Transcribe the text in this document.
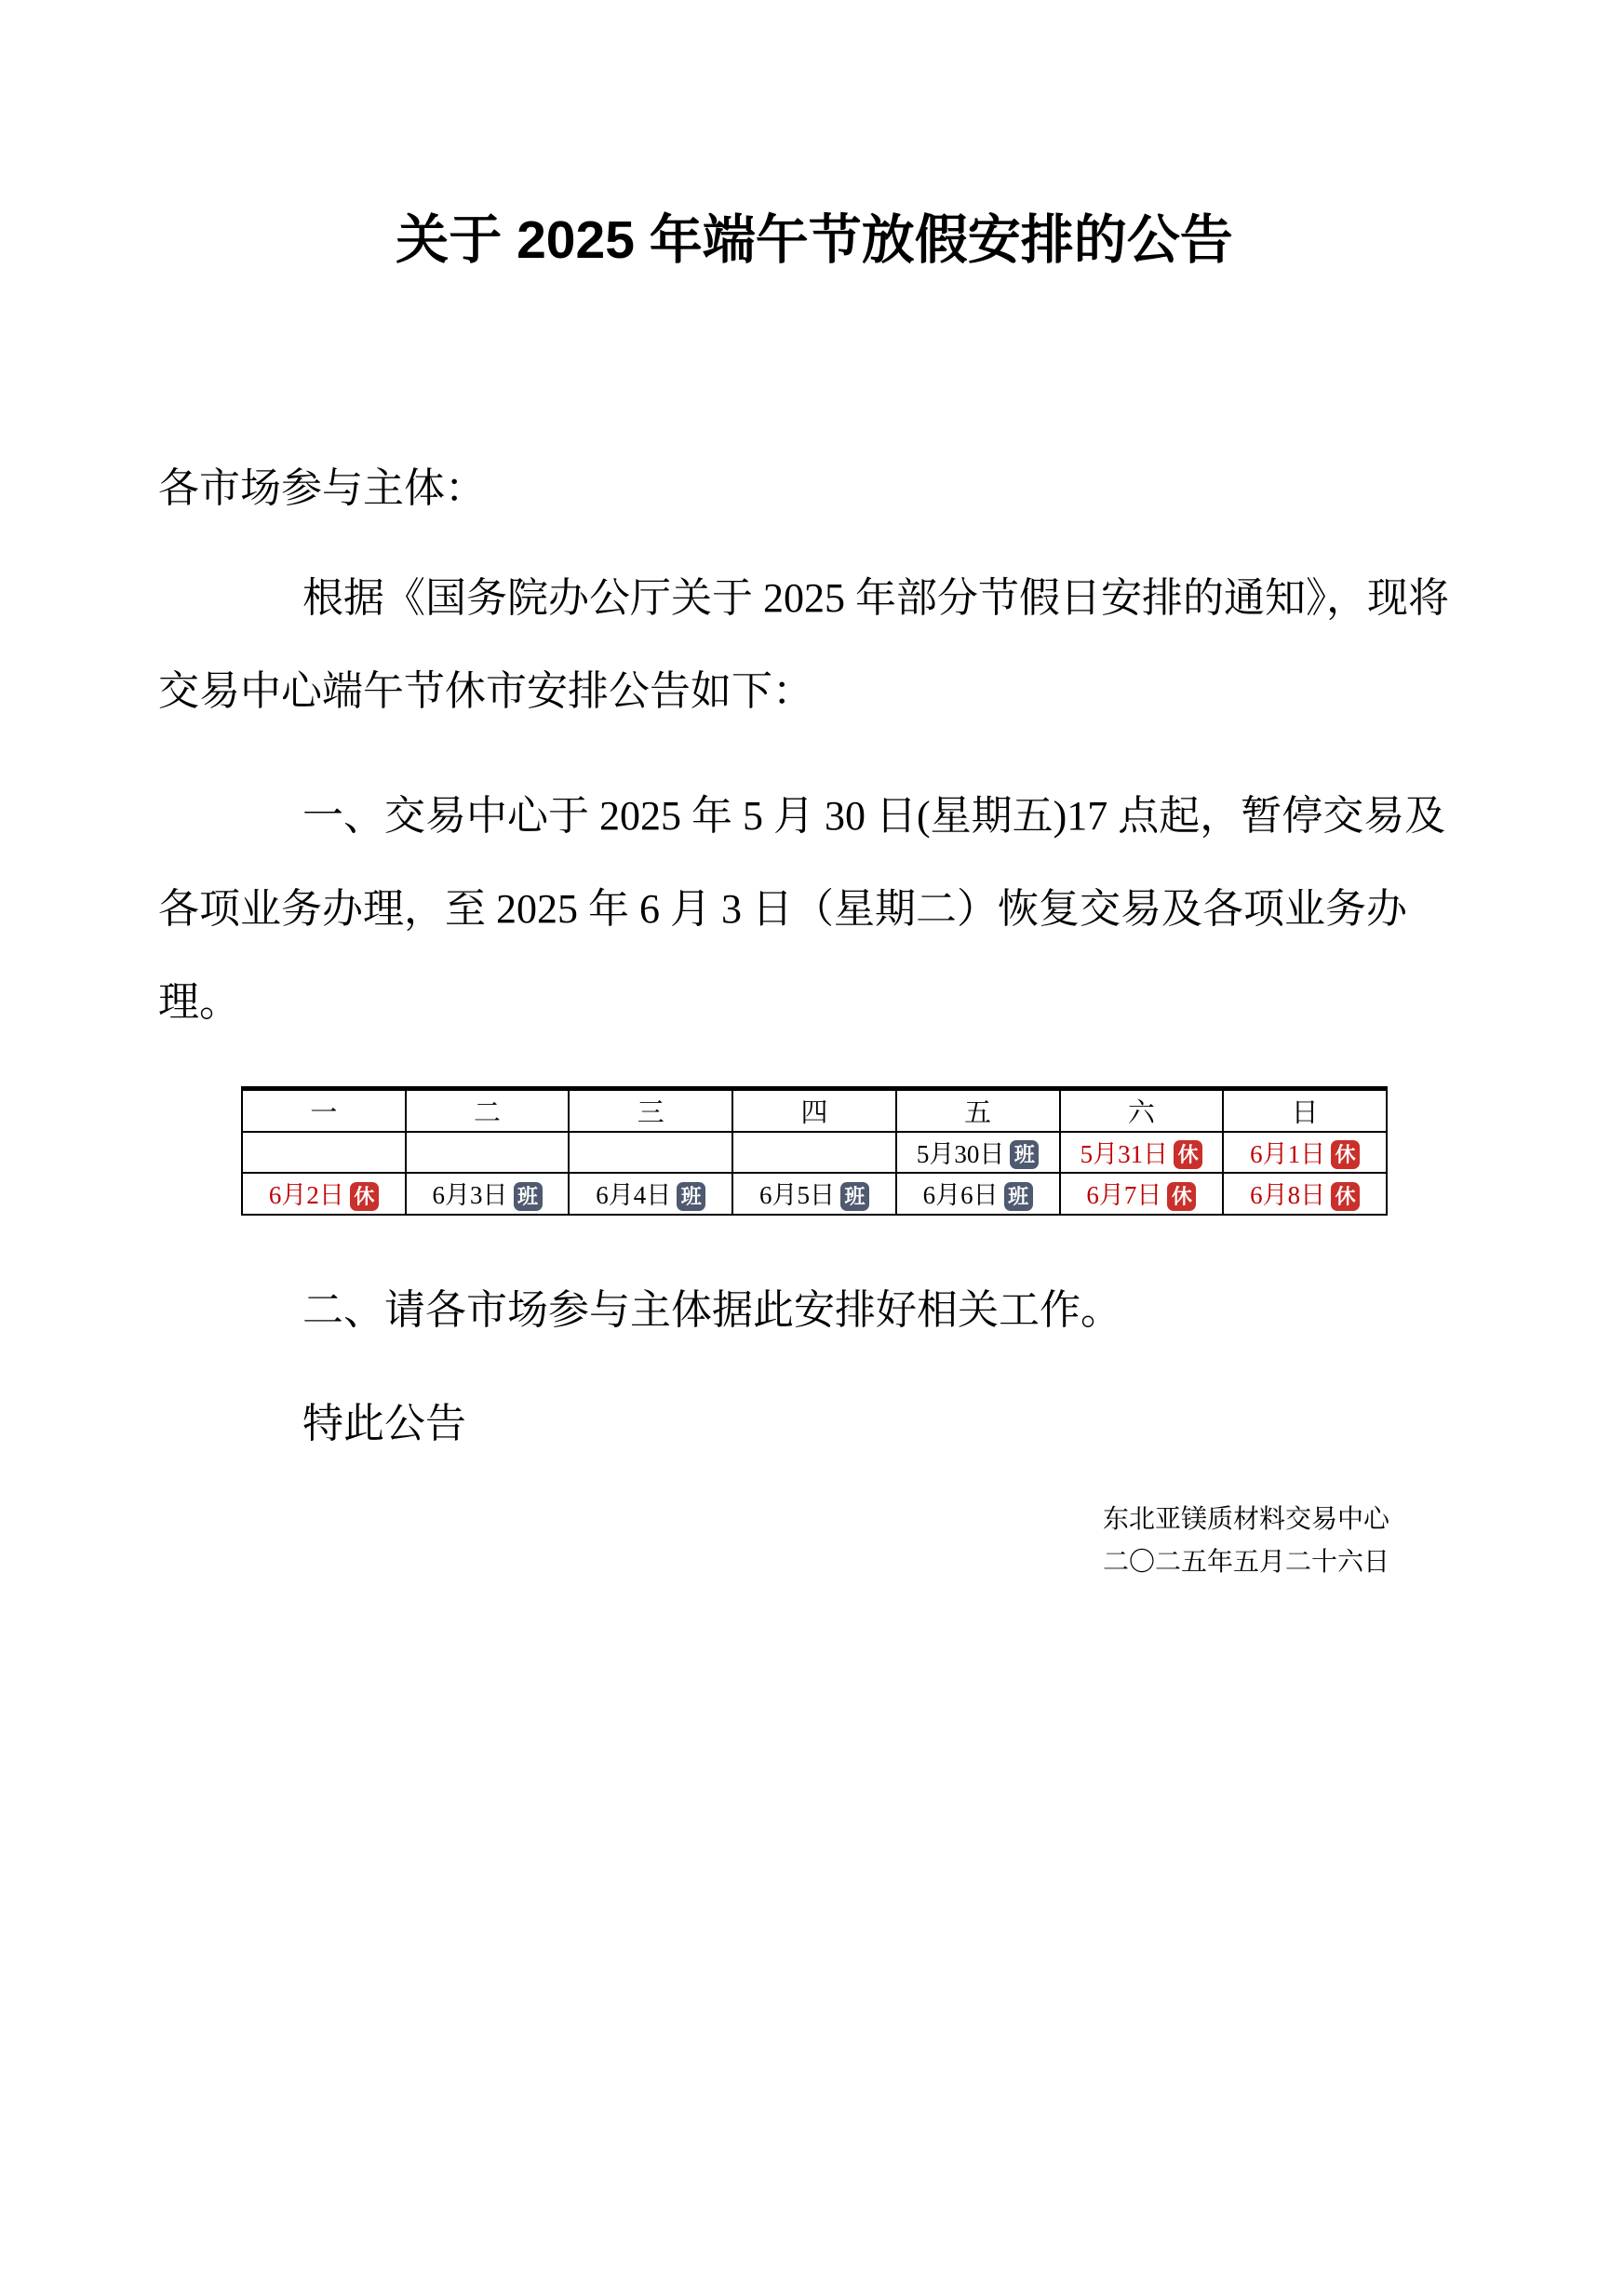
关于 2025 年端午节放假安排的公告

各市场参与主体：

根据《国务院办公厅关于 2025 年部分节假日安排的通知》，现将交易中心端午节休市安排公告如下：

一、交易中心于 2025 年 5 月 30 日(星期五)17 点起，暂停交易及各项业务办理，至 2025 年 6 月 3 日（星期二）恢复交易及各项业务办理。

一	二	三	四	五	六	日
				5月30日 班	5月31日 休	6月1日 休
6月2日 休	6月3日 班	6月4日 班	6月5日 班	6月6日 班	6月7日 休	6月8日 休

二、请各市场参与主体据此安排好相关工作。

特此公告

东北亚镁质材料交易中心
二〇二五年五月二十六日
